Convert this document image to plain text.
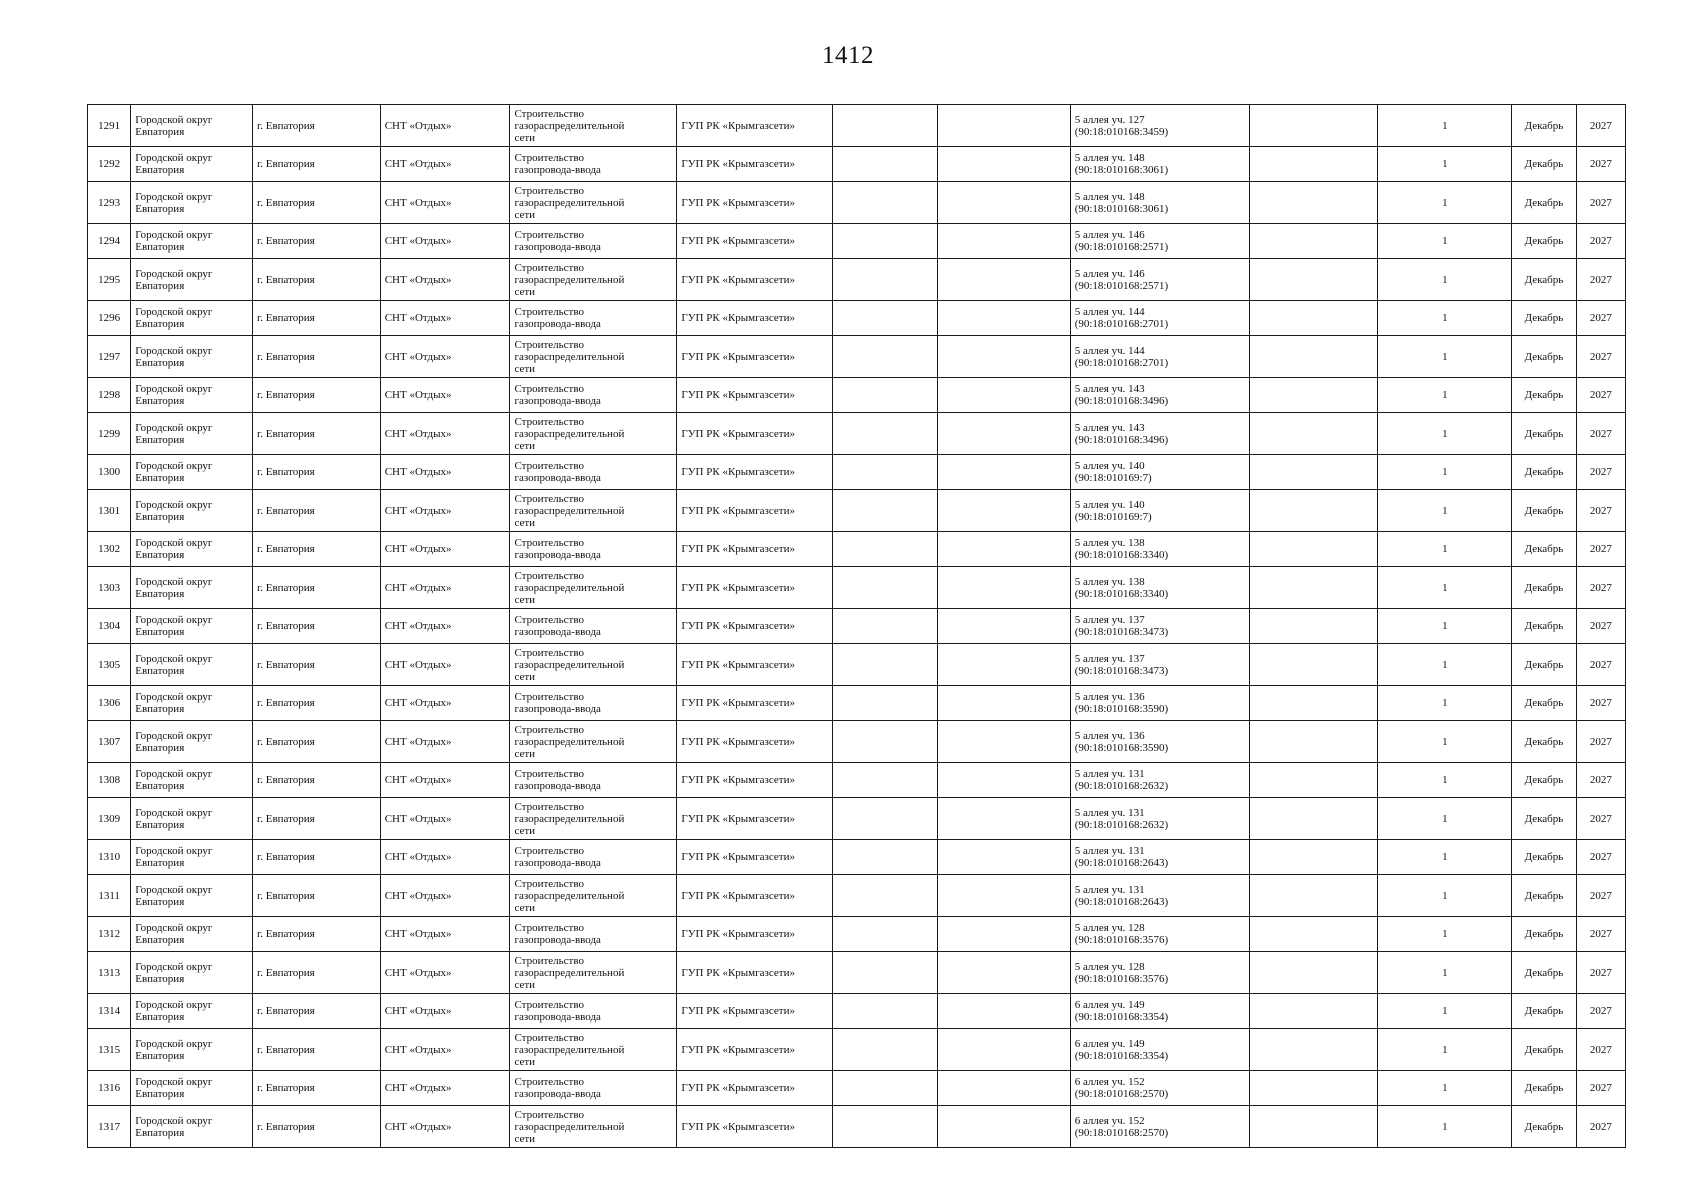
1412
1291	Городской округ
Евпатория	г. Евпатория	СНТ «Отдых»	Строительство
газораспределительной
сети	ГУП РК «Крымгазсети»			5 аллея уч. 127
(90:18:010168:3459)		1	Декабрь	2027
1292	Городской округ
Евпатория	г. Евпатория	СНТ «Отдых»	Строительство
газопровода-ввода	ГУП РК «Крымгазсети»			5 аллея уч. 148
(90:18:010168:3061)		1	Декабрь	2027
1293	Городской округ
Евпатория	г. Евпатория	СНТ «Отдых»	Строительство
газораспределительной
сети	ГУП РК «Крымгазсети»			5 аллея уч. 148
(90:18:010168:3061)		1	Декабрь	2027
1294	Городской округ
Евпатория	г. Евпатория	СНТ «Отдых»	Строительство
газопровода-ввода	ГУП РК «Крымгазсети»			5 аллея уч. 146
(90:18:010168:2571)		1	Декабрь	2027
1295	Городской округ
Евпатория	г. Евпатория	СНТ «Отдых»	Строительство
газораспределительной
сети	ГУП РК «Крымгазсети»			5 аллея уч. 146
(90:18:010168:2571)		1	Декабрь	2027
1296	Городской округ
Евпатория	г. Евпатория	СНТ «Отдых»	Строительство
газопровода-ввода	ГУП РК «Крымгазсети»			5 аллея уч. 144
(90:18:010168:2701)		1	Декабрь	2027
1297	Городской округ
Евпатория	г. Евпатория	СНТ «Отдых»	Строительство
газораспределительной
сети	ГУП РК «Крымгазсети»			5 аллея уч. 144
(90:18:010168:2701)		1	Декабрь	2027
1298	Городской округ
Евпатория	г. Евпатория	СНТ «Отдых»	Строительство
газопровода-ввода	ГУП РК «Крымгазсети»			5 аллея уч. 143
(90:18:010168:3496)		1	Декабрь	2027
1299	Городской округ
Евпатория	г. Евпатория	СНТ «Отдых»	Строительство
газораспределительной
сети	ГУП РК «Крымгазсети»			5 аллея уч. 143
(90:18:010168:3496)		1	Декабрь	2027
1300	Городской округ
Евпатория	г. Евпатория	СНТ «Отдых»	Строительство
газопровода-ввода	ГУП РК «Крымгазсети»			5 аллея уч. 140
(90:18:010169:7)		1	Декабрь	2027
1301	Городской округ
Евпатория	г. Евпатория	СНТ «Отдых»	Строительство
газораспределительной
сети	ГУП РК «Крымгазсети»			5 аллея уч. 140
(90:18:010169:7)		1	Декабрь	2027
1302	Городской округ
Евпатория	г. Евпатория	СНТ «Отдых»	Строительство
газопровода-ввода	ГУП РК «Крымгазсети»			5 аллея уч. 138
(90:18:010168:3340)		1	Декабрь	2027
1303	Городской округ
Евпатория	г. Евпатория	СНТ «Отдых»	Строительство
газораспределительной
сети	ГУП РК «Крымгазсети»			5 аллея уч. 138
(90:18:010168:3340)		1	Декабрь	2027
1304	Городской округ
Евпатория	г. Евпатория	СНТ «Отдых»	Строительство
газопровода-ввода	ГУП РК «Крымгазсети»			5 аллея уч. 137
(90:18:010168:3473)		1	Декабрь	2027
1305	Городской округ
Евпатория	г. Евпатория	СНТ «Отдых»	Строительство
газораспределительной
сети	ГУП РК «Крымгазсети»			5 аллея уч. 137
(90:18:010168:3473)		1	Декабрь	2027
1306	Городской округ
Евпатория	г. Евпатория	СНТ «Отдых»	Строительство
газопровода-ввода	ГУП РК «Крымгазсети»			5 аллея уч. 136
(90:18:010168:3590)		1	Декабрь	2027
1307	Городской округ
Евпатория	г. Евпатория	СНТ «Отдых»	Строительство
газораспределительной
сети	ГУП РК «Крымгазсети»			5 аллея уч. 136
(90:18:010168:3590)		1	Декабрь	2027
1308	Городской округ
Евпатория	г. Евпатория	СНТ «Отдых»	Строительство
газопровода-ввода	ГУП РК «Крымгазсети»			5 аллея уч. 131
(90:18:010168:2632)		1	Декабрь	2027
1309	Городской округ
Евпатория	г. Евпатория	СНТ «Отдых»	Строительство
газораспределительной
сети	ГУП РК «Крымгазсети»			5 аллея уч. 131
(90:18:010168:2632)		1	Декабрь	2027
1310	Городской округ
Евпатория	г. Евпатория	СНТ «Отдых»	Строительство
газопровода-ввода	ГУП РК «Крымгазсети»			5 аллея уч. 131
(90:18:010168:2643)		1	Декабрь	2027
1311	Городской округ
Евпатория	г. Евпатория	СНТ «Отдых»	Строительство
газораспределительной
сети	ГУП РК «Крымгазсети»			5 аллея уч. 131
(90:18:010168:2643)		1	Декабрь	2027
1312	Городской округ
Евпатория	г. Евпатория	СНТ «Отдых»	Строительство
газопровода-ввода	ГУП РК «Крымгазсети»			5 аллея уч. 128
(90:18:010168:3576)		1	Декабрь	2027
1313	Городской округ
Евпатория	г. Евпатория	СНТ «Отдых»	Строительство
газораспределительной
сети	ГУП РК «Крымгазсети»			5 аллея уч. 128
(90:18:010168:3576)		1	Декабрь	2027
1314	Городской округ
Евпатория	г. Евпатория	СНТ «Отдых»	Строительство
газопровода-ввода	ГУП РК «Крымгазсети»			6 аллея уч. 149
(90:18:010168:3354)		1	Декабрь	2027
1315	Городской округ
Евпатория	г. Евпатория	СНТ «Отдых»	Строительство
газораспределительной
сети	ГУП РК «Крымгазсети»			6 аллея уч. 149
(90:18:010168:3354)		1	Декабрь	2027
1316	Городской округ
Евпатория	г. Евпатория	СНТ «Отдых»	Строительство
газопровода-ввода	ГУП РК «Крымгазсети»			6 аллея уч. 152
(90:18:010168:2570)		1	Декабрь	2027
1317	Городской округ
Евпатория	г. Евпатория	СНТ «Отдых»	Строительство
газораспределительной
сети	ГУП РК «Крымгазсети»			6 аллея уч. 152
(90:18:010168:2570)		1	Декабрь	2027
